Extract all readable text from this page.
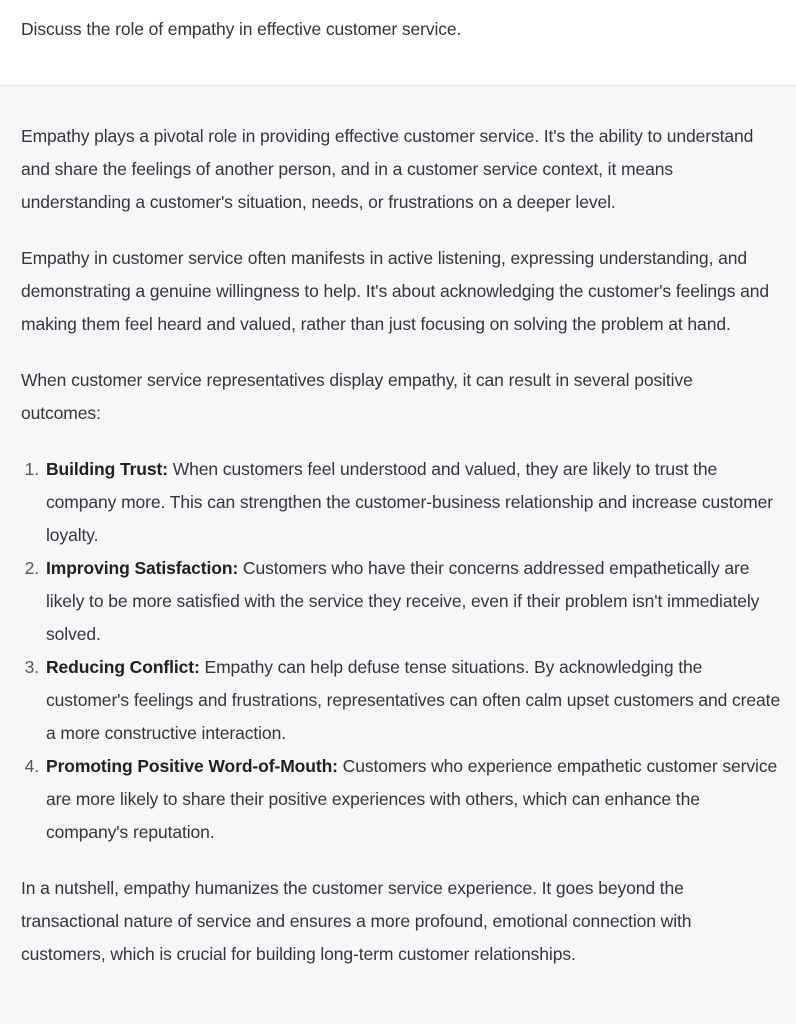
Discuss the role of empathy in effective customer service.

Empathy plays a pivotal role in providing effective customer service. It's the ability to understand and share the feelings of another person, and in a customer service context, it means understanding a customer's situation, needs, or frustrations on a deeper level.

Empathy in customer service often manifests in active listening, expressing understanding, and demonstrating a genuine willingness to help. It's about acknowledging the customer's feelings and making them feel heard and valued, rather than just focusing on solving the problem at hand.

When customer service representatives display empathy, it can result in several positive outcomes:

1. Building Trust: When customers feel understood and valued, they are likely to trust the company more. This can strengthen the customer-business relationship and increase customer loyalty.
2. Improving Satisfaction: Customers who have their concerns addressed empathetically are likely to be more satisfied with the service they receive, even if their problem isn't immediately solved.
3. Reducing Conflict: Empathy can help defuse tense situations. By acknowledging the customer's feelings and frustrations, representatives can often calm upset customers and create a more constructive interaction.
4. Promoting Positive Word-of-Mouth: Customers who experience empathetic customer service are more likely to share their positive experiences with others, which can enhance the company's reputation.

In a nutshell, empathy humanizes the customer service experience. It goes beyond the transactional nature of service and ensures a more profound, emotional connection with customers, which is crucial for building long-term customer relationships.
